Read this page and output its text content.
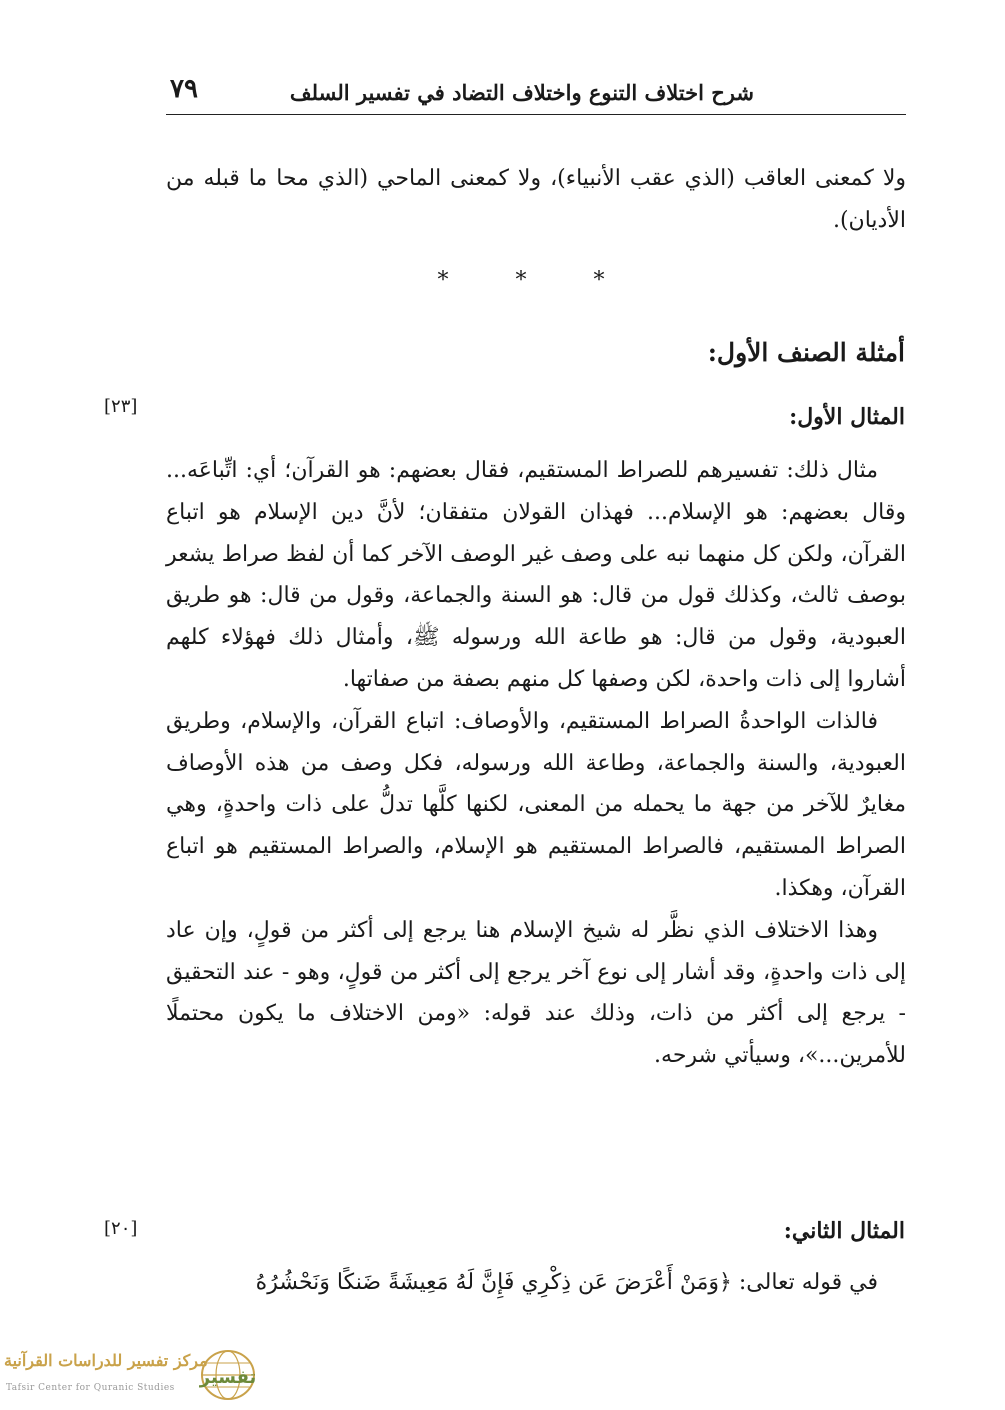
٧٩	شرح اختلاف التنوع واختلاف التضاد في تفسير السلف

ولا كمعنى العاقب (الذي عقب الأنبياء)، ولا كمعنى الماحي (الذي محا ما قبله من الأديان).

* * *
أمثلة الصنف الأول:
[٢٣]	المثال الأول:

مثال ذلك: تفسيرهم للصراط المستقيم، فقال بعضهم: هو القرآن؛ أي: اتِّباعَه... وقال بعضهم: هو الإسلام... فهذان القولان متفقان؛ لأنَّ دين الإسلام هو اتباع القرآن، ولكن كل منهما نبه على وصف غير الوصف الآخر كما أن لفظ صراط يشعر بوصف ثالث، وكذلك قول من قال: هو السنة والجماعة، وقول من قال: هو طريق العبودية، وقول من قال: هو طاعة الله ورسوله ﷺ، وأمثال ذلك فهؤلاء كلهم أشاروا إلى ذات واحدة، لكن وصفها كل منهم بصفة من صفاتها.

فالذات الواحدةُ الصراط المستقيم، والأوصاف: اتباع القرآن، والإسلام، وطريق العبودية، والسنة والجماعة، وطاعة الله ورسوله، فكل وصف من هذه الأوصاف مغايرٌ للآخر من جهة ما يحمله من المعنى، لكنها كلَّها تدلُّ على ذات واحدةٍ، وهي الصراط المستقيم، فالصراط المستقيم هو الإسلام، والصراط المستقيم هو اتباع القرآن، وهكذا.

وهذا الاختلاف الذي نظَّر له شيخ الإسلام هنا يرجع إلى أكثر من قولٍ، وإن عاد إلى ذات واحدةٍ، وقد أشار إلى نوع آخر يرجع إلى أكثر من قولٍ، وهو - عند التحقيق - يرجع إلى أكثر من ذات، وذلك عند قوله: «ومن الاختلاف ما يكون محتملًا للأمرين...»، وسيأتي شرحه.

[٢٠]	المثال الثاني:

في قوله تعالى: ﴿وَمَنْ أَعْرَضَ عَن ذِكْرِي فَإِنَّ لَهُ مَعِيشَةً ضَنكًا وَنَحْشُرُهُ

مركز تفسير للدراسات القرآنية
Tafsir Center for Quranic Studies تفسير
